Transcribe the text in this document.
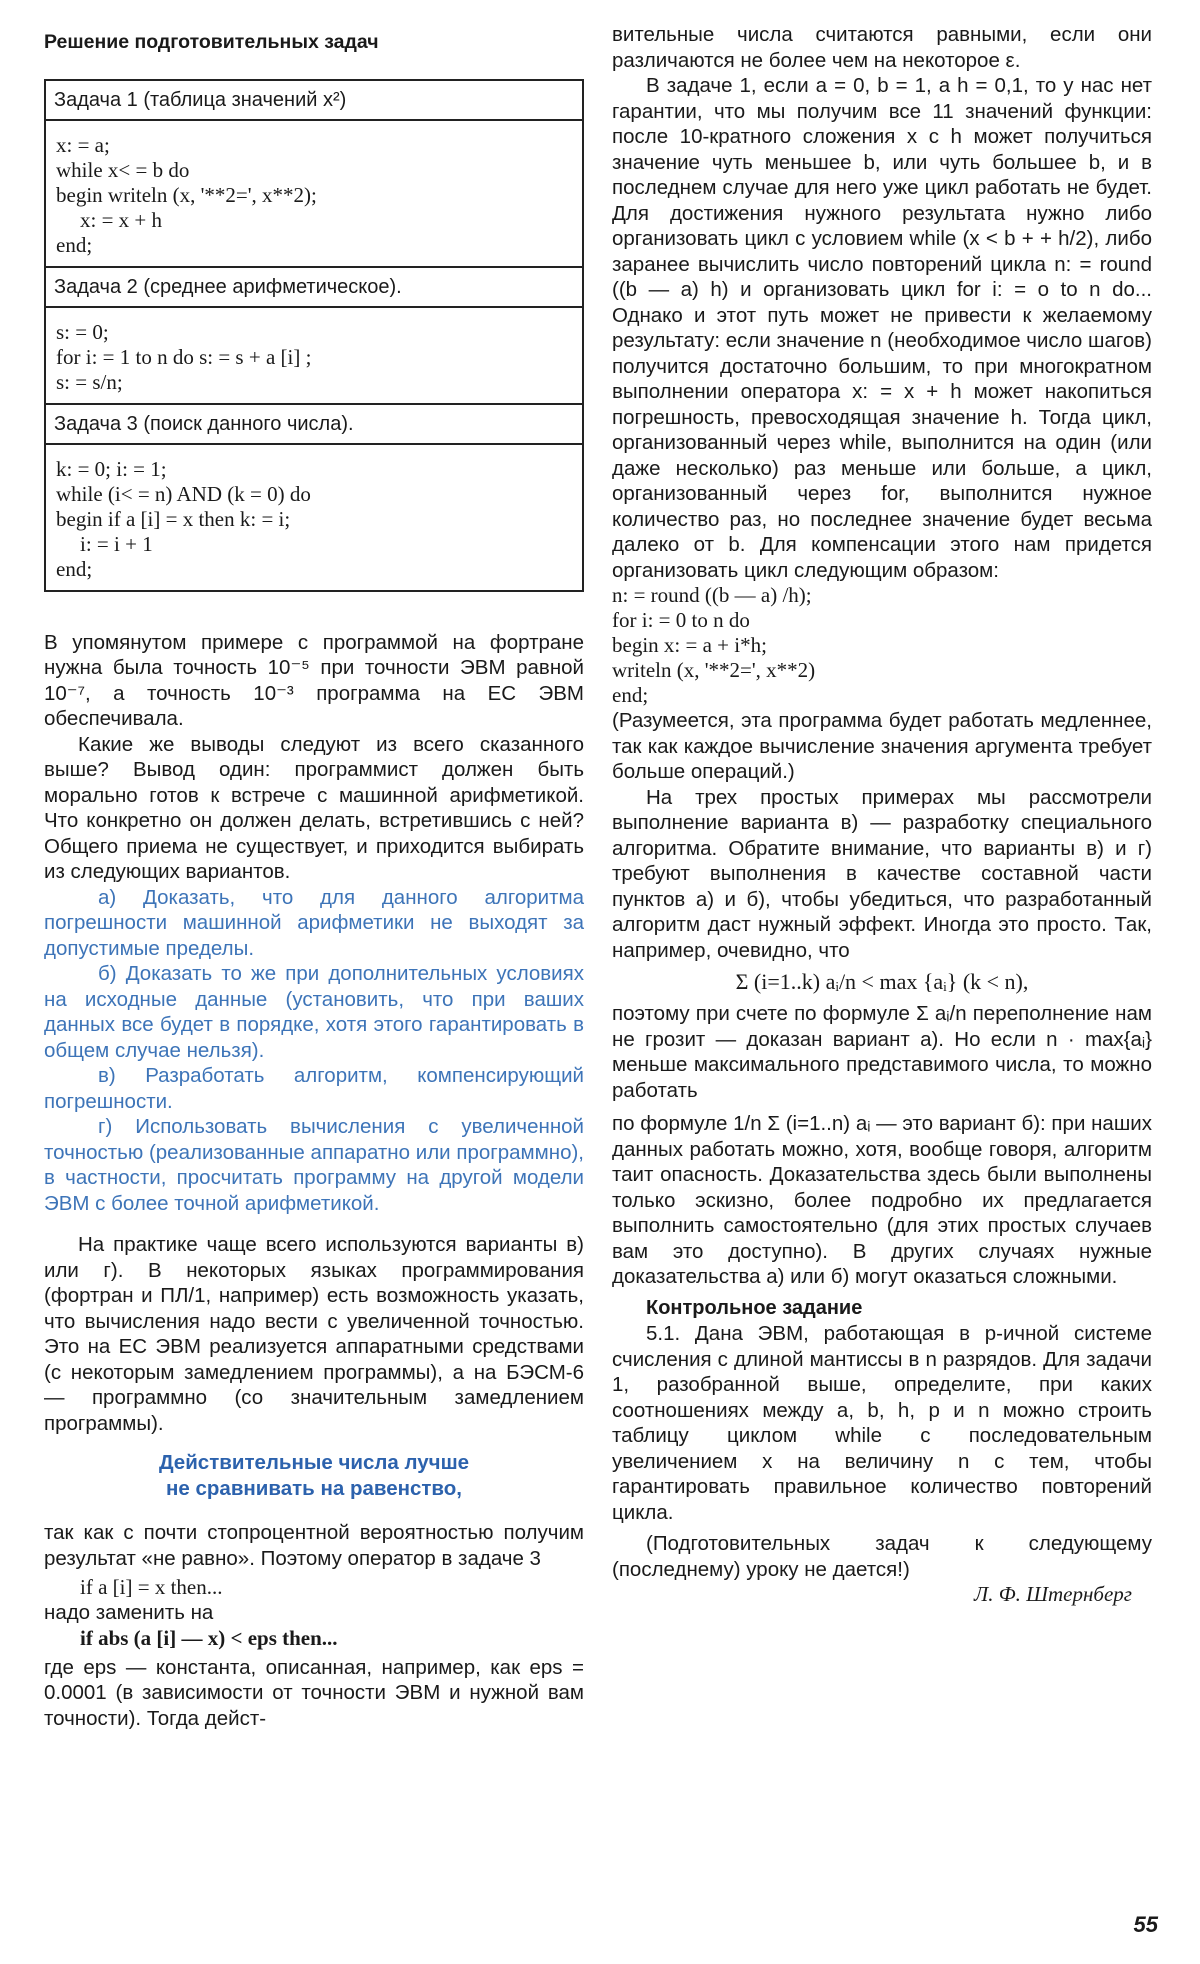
Решение подготовительных задач

Задача 1 (таблица значений x²)
x: = a;
while x< = b do
begin writeln (x, '**2=', x**2);
x: = x + h
end;
Задача 2 (среднее арифметическое).
s: = 0;
for i: = 1 to n do s: = s + a [i] ;
s: = s/n;
Задача 3 (поиск данного числа).
k: = 0; i: = 1;
while (i< = n) AND (k = 0) do
begin if a [i] = x then k: = i;
i: = i + 1
end;

В упомянутом примере с программой на фортране нужна была точность 10⁻⁵ при точности ЭВМ равной 10⁻⁷, а точность 10⁻³ программа на ЕС ЭВМ обеспечивала.

Какие же выводы следуют из всего сказанного выше? Вывод один: программист должен быть морально готов к встрече с машинной арифметикой. Что конкретно он должен делать, встретившись с ней? Общего приема не существует, и приходится выбирать из следующих вариантов.

а) Доказать, что для данного алгоритма погрешности машинной арифметики не выходят за допустимые пределы.

б) Доказать то же при дополнительных условиях на исходные данные (установить, что при ваших данных все будет в порядке, хотя этого гарантировать в общем случае нельзя).

в) Разработать алгоритм, компенсирующий погрешности.

г) Использовать вычисления с увеличенной точностью (реализованные аппаратно или программно), в частности, просчитать программу на другой модели ЭВМ с более точной арифметикой.

На практике чаще всего используются варианты в) или г). В некоторых языках программирования (фортран и ПЛ/1, например) есть возможность указать, что вычисления надо вести с увеличенной точностью. Это на ЕС ЭВМ реализуется аппаратными средствами (с некоторым замедлением программы), а на БЭСМ-6 — программно (со значительным замедлением программы).

Действительные числа лучше
не сравнивать на равенство,

так как с почти стопроцентной вероятностью получим результат «не равно». Поэтому оператор в задаче 3

if a [i] = x then...

надо заменить на

if abs (a [i] — x) < eps then...

где eps — константа, описанная, например, как eps = 0.0001 (в зависимости от точности ЭВМ и нужной вам точности). Тогда дейст-

вительные числа считаются равными, если они различаются не более чем на некоторое ε.

В задаче 1, если a = 0, b = 1, а h = 0,1, то у нас нет гарантии, что мы получим все 11 значений функции: после 10-кратного сложения x с h может получиться значение чуть меньшее b, или чуть большее b, и в последнем случае для него уже цикл работать не будет. Для достижения нужного результата нужно либо организовать цикл с условием while (x < b + + h/2), либо заранее вычислить число повторений цикла n: = round ((b — a) h) и организовать цикл for i: = o to n do... Однако и этот путь может не привести к желаемому результату: если значение n (необходимое число шагов) получится достаточно большим, то при многократном выполнении оператора x: = x + h может накопиться погрешность, превосходящая значение h. Тогда цикл, организованный через while, выполнится на один (или даже несколько) раз меньше или больше, а цикл, организованный через for, выполнится нужное количество раз, но последнее значение будет весьма далеко от b. Для компенсации этого нам придется организовать цикл следующим образом:

n: = round ((b — a) /h);
for i: = 0 to n do
begin x: = a + i*h;
writeln (x, '**2=', x**2)
end;

(Разумеется, эта программа будет работать медленнее, так как каждое вычисление значения аргумента требует больше операций.)

На трех простых примерах мы рассмотрели выполнение варианта в) — разработку специального алгоритма. Обратите внимание, что варианты в) и г) требуют выполнения в качестве составной части пунктов а) и б), чтобы убедиться, что разработанный алгоритм даст нужный эффект. Иногда это просто. Так, например, очевидно, что

Σ (i=1..k) aᵢ/n < max {aᵢ} (k < n),

поэтому при счете по формуле Σ aᵢ/n переполнение нам не грозит — доказан вариант а). Но если n · max{aᵢ} меньше максимального представимого числа, то можно работать

по формуле 1/n Σ (i=1..n) aᵢ — это вариант б): при наших данных работать можно, хотя, вообще говоря, алгоритм таит опасность. Доказательства здесь были выполнены только эскизно, более подробно их предлагается выполнить самостоятельно (для этих простых случаев вам это доступно). В других случаях нужные доказательства а) или б) могут оказаться сложными.

Контрольное задание

5.1. Дана ЭВМ, работающая в p-ичной системе счисления с длиной мантиссы в n разрядов. Для задачи 1, разобранной выше, определите, при каких соотношениях между a, b, h, p и n можно строить таблицу циклом while с последовательным увеличением x на величину n с тем, чтобы гарантировать правильное количество повторений цикла.

(Подготовительных задач к следующему (последнему) уроку не дается!)

Л. Ф. Штернберг
55
